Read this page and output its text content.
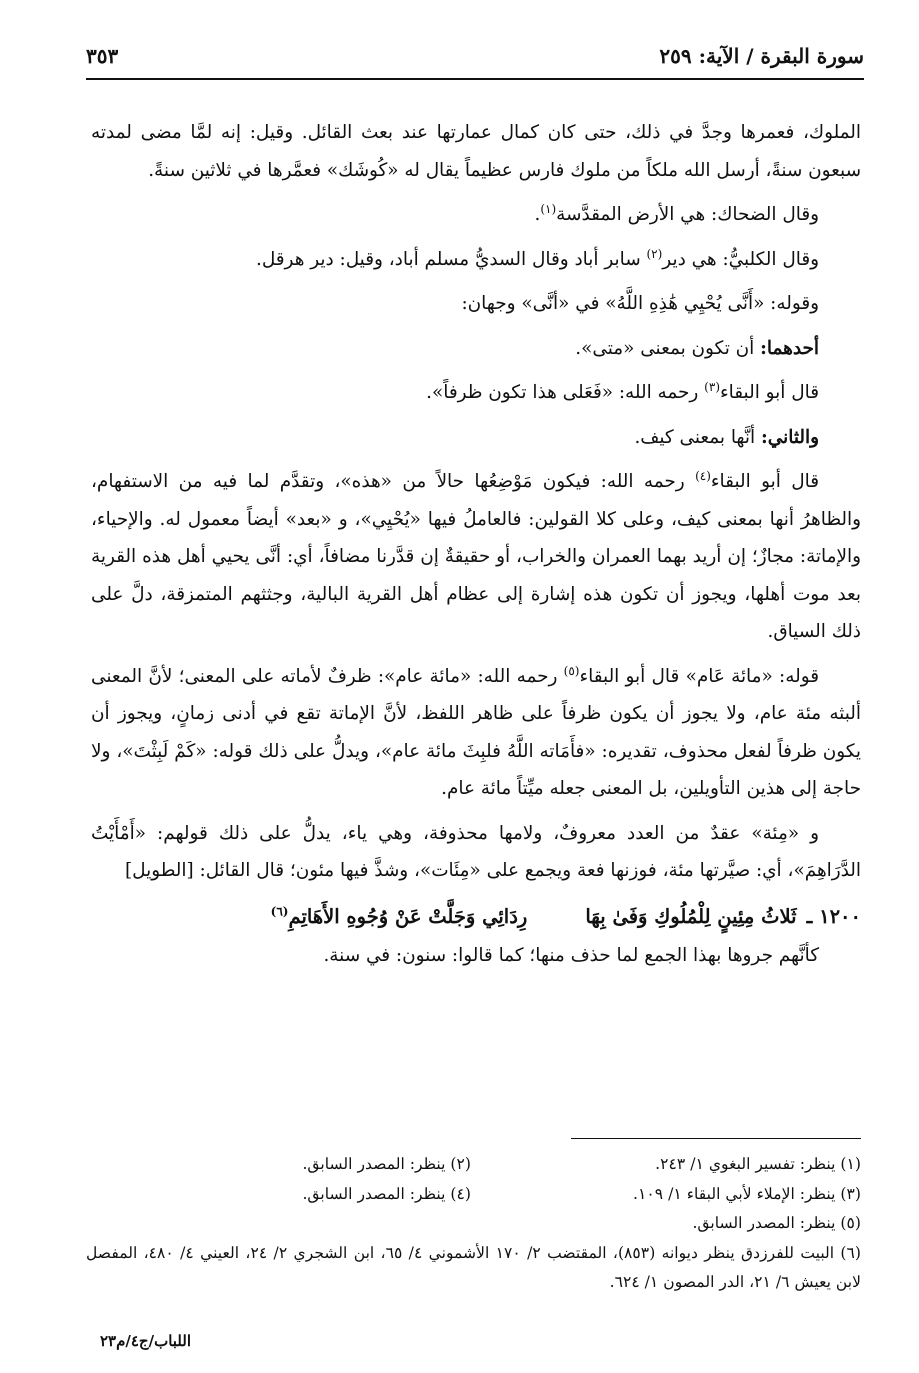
سورة البقرة / الآية: ٢٥٩
٣٥٣

الملوك، فعمرها وجدَّ في ذلك، حتى كان كمال عمارتها عند بعث القائل. وقيل: إنه لمَّا مضى لمدته سبعون سنةً، أرسل الله ملكاً من ملوك فارس عظيماً يقال له «كُوشَك» فعمَّرها في ثلاثين سنةً.

وقال الضحاك: هي الأرض المقدَّسة$^{(١)}$.

وقال الكلبيُّ: هي دير$^{(٢)}$ سابر أباد وقال السديُّ مسلم أباد، وقيل: دير هرقل.

وقوله: «أَنَّى يُحْيِي هَٰذِهِ اللَّهُ» في «أنَّى» وجهان:

أحدهما: أن تكون بمعنى «متى».

قال أبو البقاء$^{(٣)}$ رحمه الله: «فَعَلى هذا تكون ظرفاً».

والثاني: أنَّها بمعنى كيف.

قال أبو البقاء$^{(٤)}$ رحمه الله: فيكون مَوْضِعُها حالاً من «هذه»، وتقدَّم لما فيه من الاستفهام، والظاهرُ أنها بمعنى كيف، وعلى كلا القولين: فالعاملُ فيها «يُحْيِي»، و «بعد» أيضاً معمول له. والإحياء، والإماتة: مجازٌ؛ إن أريد بهما العمران والخراب، أو حقيقةٌ إن قدَّرنا مضافاً، أي: أنَّى يحيي أهل هذه القرية بعد موت أهلها، ويجوز أن تكون هذه إشارة إلى عظام أهل القرية البالية، وجثثهم المتمزقة، دلَّ على ذلك السياق.

قوله: «مائة عَام» قال أبو البقاء$^{(٥)}$ رحمه الله: «مائة عام»: ظرفٌ لأماته على المعنى؛ لأنَّ المعنى ألبثه مئة عام، ولا يجوز أن يكون ظرفاً على ظاهر اللفظ، لأنَّ الإماتة تقع في أدنى زمانٍ، ويجوز أن يكون ظرفاً لفعل محذوف، تقديره: «فأَمَاته اللَّهُ فلبِثَ مائة عام»، ويدلُّ على ذلك قوله: «كَمْ لَبِثْتَ»، ولا حاجة إلى هذين التأويلين، بل المعنى جعله ميِّتاً مائة عام.

و «مِئة» عقدٌ من العدد معروفٌ، ولامها محذوفة، وهي ياء، يدلُّ على ذلك قولهم: «أَمْأَيْتُ الدَّرَاهِمَ»، أي: صيَّرتها مئة، فوزنها فعة ويجمع على «مِئَات»، وشذَّ فيها مئون؛ قال القائل: [الطويل]

١٢٠٠ ـ
ثَلاثُ مِئِينٍ لِلْمُلُوكِ وَفَىٰ بِهَا
رِدَائِي وَجَلَّتْ عَنْ وُجُوهِ الأَهَاتِمِ$^{(٦)}$

كأنَّهم جروها بهذا الجمع لما حذف منها؛ كما قالوا: سنون: في سنة.

(١) ينظر: تفسير البغوي ١/ ٢٤٣.
(٢) ينظر: المصدر السابق.
(٣) ينظر: الإملاء لأبي البقاء ١/ ١٠٩.
(٤) ينظر: المصدر السابق.
(٥) ينظر: المصدر السابق.
(٦) البيت للفرزدق ينظر ديوانه (٨٥٣)، المقتضب ٢/ ١٧٠ الأشموني ٤/ ٦٥، ابن الشجري ٢/ ٢٤، العيني ٤/ ٤٨٠، المفصل لابن يعيش ٦/ ٢١، الدر المصون ١/ ٦٢٤.
اللباب/ج٤/م٢٣
